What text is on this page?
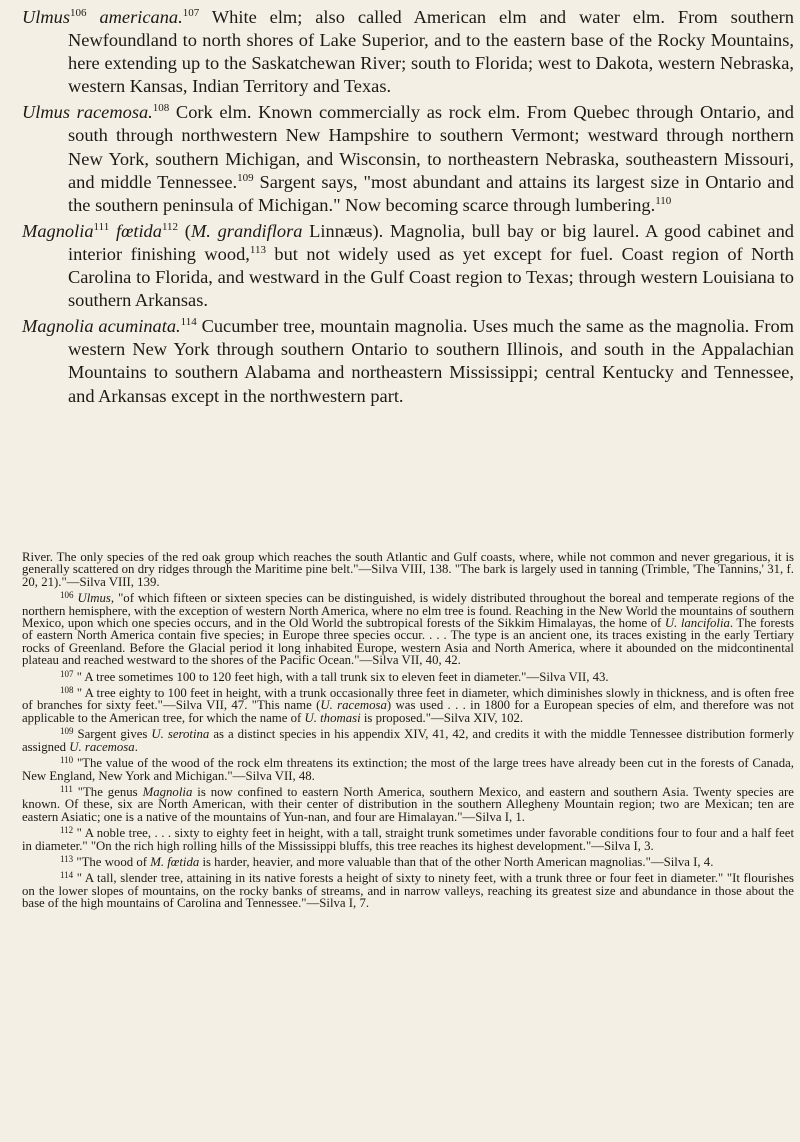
Ulmus$^{106}$ americana.$^{107}$ White elm; also called American elm and water elm. From southern Newfoundland to north shores of Lake Superior, and to the eastern base of the Rocky Mountains, here extending up to the Saskatchewan River; south to Florida; west to Dakota, western Nebraska, western Kansas, Indian Territory and Texas.

Ulmus racemosa.$^{108}$ Cork elm. Known commercially as rock elm. From Quebec through Ontario, and south through northwestern New Hampshire to southern Vermont; westward through northern New York, southern Michigan, and Wisconsin, to northeastern Nebraska, southeastern Missouri, and middle Tennessee.$^{109}$ Sargent says, "most abundant and attains its largest size in Ontario and the southern peninsula of Michigan." Now becoming scarce through lumbering.$^{110}$

Magnolia$^{111}$ fœtida$^{112}$ (M. grandiflora Linnæus). Magnolia, bull bay or big laurel. A good cabinet and interior finishing wood,$^{113}$ but not widely used as yet except for fuel. Coast region of North Carolina to Florida, and westward in the Gulf Coast region to Texas; through western Louisiana to southern Arkansas.

Magnolia acuminata.$^{114}$ Cucumber tree, mountain magnolia. Uses much the same as the magnolia. From western New York through southern Ontario to southern Illinois, and south in the Appalachian Mountains to southern Alabama and northeastern Mississippi; central Kentucky and Tennessee, and Arkansas except in the northwestern part.

River. The only species of the red oak group which reaches the south Atlantic and Gulf coasts, where, while not common and never gregarious, it is generally scattered on dry ridges through the Maritime pine belt."—Silva VIII, 138. "The bark is largely used in tanning (Trimble, 'The Tannins,' 31, f. 20, 21)."—Silva VIII, 139.

$^{106}$ Ulmus, "of which fifteen or sixteen species can be distinguished, is widely distributed throughout the boreal and temperate regions of the northern hemisphere, with the exception of western North America, where no elm tree is found. Reaching in the New World the mountains of southern Mexico, upon which one species occurs, and in the Old World the subtropical forests of the Sikkim Himalayas, the home of U. lancifolia. The forests of eastern North America contain five species; in Europe three species occur. . . . The type is an ancient one, its traces existing in the early Tertiary rocks of Greenland. Before the Glacial period it long inhabited Europe, western Asia and North America, where it abounded on the midcontinental plateau and reached westward to the shores of the Pacific Ocean."—Silva VII, 40, 42.

$^{107}$ " A tree sometimes 100 to 120 feet high, with a tall trunk six to eleven feet in diameter."—Silva VII, 43.

$^{108}$ " A tree eighty to 100 feet in height, with a trunk occasionally three feet in diameter, which diminishes slowly in thickness, and is often free of branches for sixty feet."—Silva VII, 47. "This name (U. racemosa) was used . . . in 1800 for a European species of elm, and therefore was not applicable to the American tree, for which the name of U. thomasi is proposed."—Silva XIV, 102.

$^{109}$ Sargent gives U. serotina as a distinct species in his appendix XIV, 41, 42, and credits it with the middle Tennessee distribution formerly assigned U. racemosa.

$^{110}$ "The value of the wood of the rock elm threatens its extinction; the most of the large trees have already been cut in the forests of Canada, New England, New York and Michigan."—Silva VII, 48.

$^{111}$ "The genus Magnolia is now confined to eastern North America, southern Mexico, and eastern and southern Asia. Twenty species are known. Of these, six are North American, with their center of distribution in the southern Allegheny Mountain region; two are Mexican; ten are eastern Asiatic; one is a native of the mountains of Yun-nan, and four are Himalayan."—Silva I, 1.

$^{112}$ " A noble tree, . . . sixty to eighty feet in height, with a tall, straight trunk sometimes under favorable conditions four to four and a half feet in diameter." "On the rich high rolling hills of the Mississippi bluffs, this tree reaches its highest development."—Silva I, 3.

$^{113}$ "The wood of M. fœtida is harder, heavier, and more valuable than that of the other North American magnolias."—Silva I, 4.

$^{114}$ " A tall, slender tree, attaining in its native forests a height of sixty to ninety feet, with a trunk three or four feet in diameter." "It flourishes on the lower slopes of mountains, on the rocky banks of streams, and in narrow valleys, reaching its greatest size and abundance in those about the base of the high mountains of Carolina and Tennessee."—Silva I, 7.
